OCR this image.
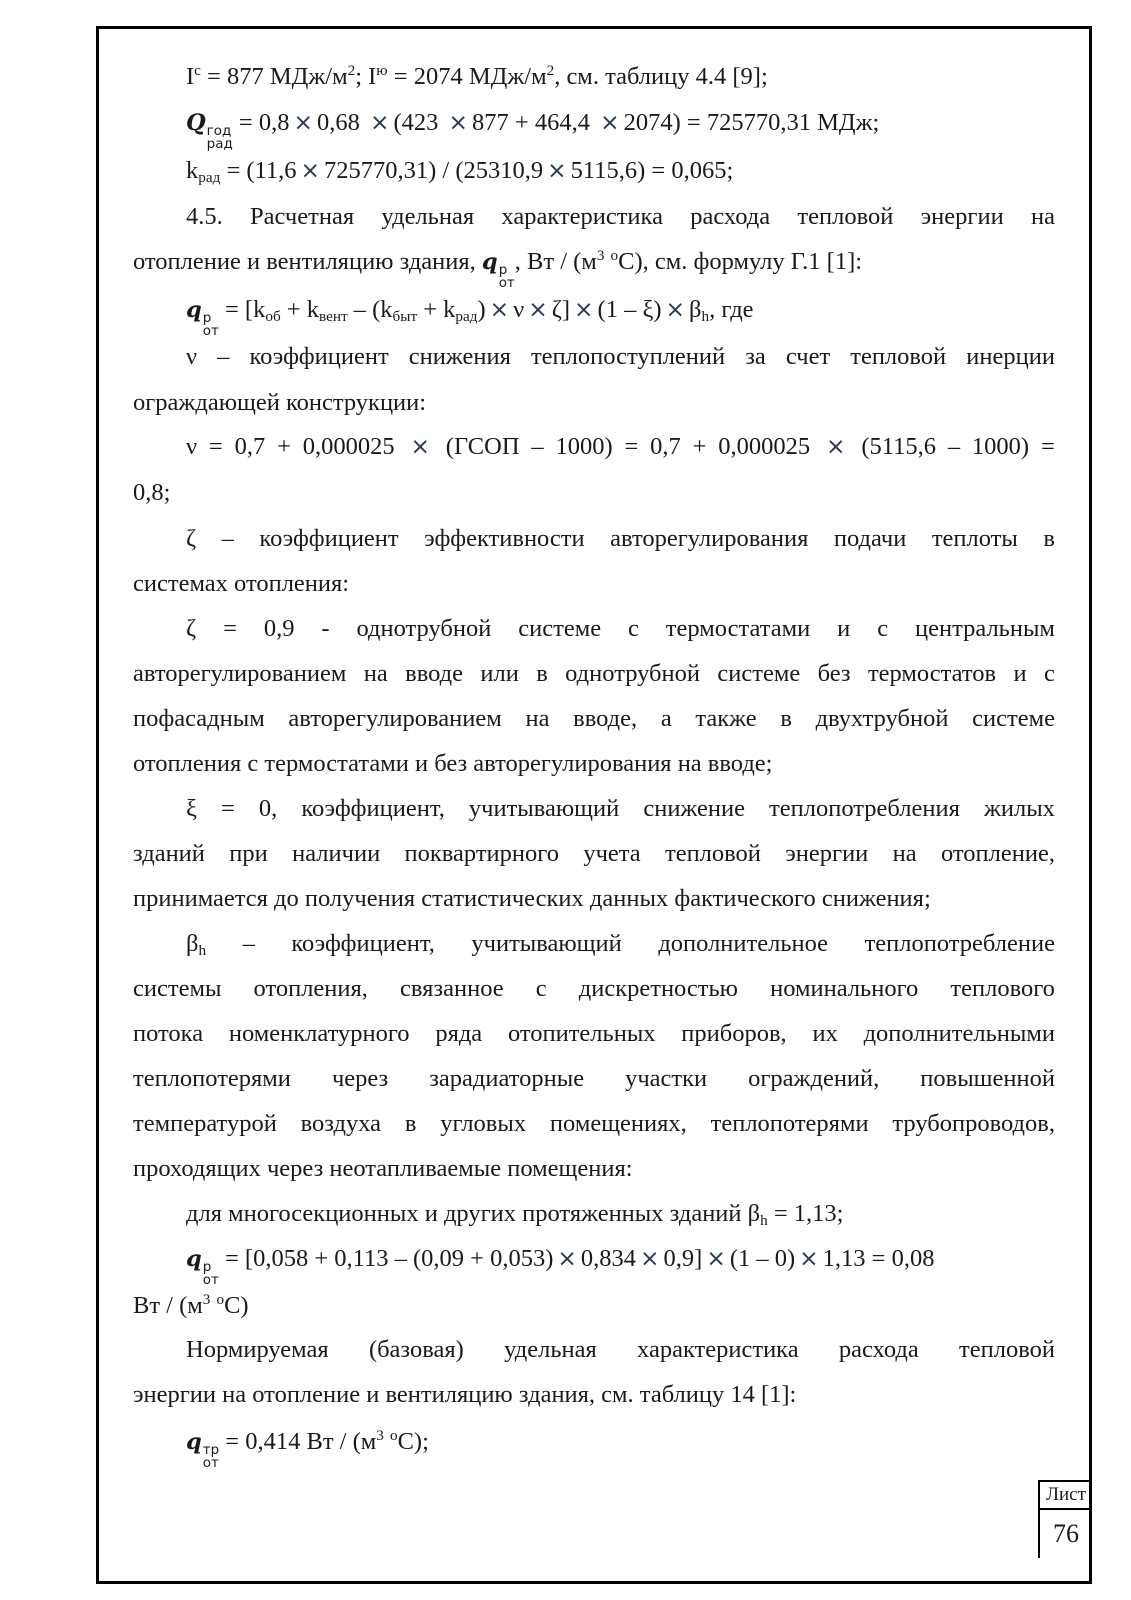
$I^c = 877$ МДж/$м^2$; $I^ю = 2074$ МДж/$м^2$, см. таблицу 4.4 [9];
Q год
рад
= 0,8 × 0,68 × (423 × 877 + 464,4 × 2074) = 725770,31 МДж;
$k_{рад} = (11,6 \times 725770,31) / (25310,9 \times 5115,6) = 0,065$;
4.5. Расчетная удельная характеристика расхода тепловой энергии на
отопление и вентиляцию здания, q р
от
, Вт / ($м^3$ $^о$С), см. формулу Г.1 [1]:
q р
от
= $[k_{об} + k_{вент} - (k_{быт} + k_{рад}) \times \nu \times \zeta] \times (1 - \xi) \times \beta_h$, где
ν – коэффициент снижения теплопоступлений за счет тепловой инерции
ограждающей конструкции:
ν = 0,7 + 0,000025 × (ГСОП – 1000) = 0,7 + 0,000025 × (5115,6 – 1000) =
0,8;
ζ – коэффициент эффективности авторегулирования подачи теплоты в
системах отопления:
ζ = 0,9 - однотрубной системе с термостатами и с центральным
авторегулированием на вводе или в однотрубной системе без термостатов и с
пофасадным авторегулированием на вводе, а также в двухтрубной системе
отопления с термостатами и без авторегулирования на вводе;
ξ = 0, коэффициент, учитывающий снижение теплопотребления жилых
зданий при наличии поквартирного учета тепловой энергии на отопление,
принимается до получения статистических данных фактического снижения;
$\beta_h$ – коэффициент, учитывающий дополнительное теплопотребление
системы отопления, связанное с дискретностью номинального теплового
потока номенклатурного ряда отопительных приборов, их дополнительными
теплопотерями через зарадиаторные участки ограждений, повышенной
температурой воздуха в угловых помещениях, теплопотерями трубопроводов,
проходящих через неотапливаемые помещения:
для многосекционных и других протяженных зданий $\beta_h = 1,13$;
q р
от
= [0,058 + 0,113 – (0,09 + 0,053) × 0,834 × 0,9] × (1 – 0) × 1,13 = 0,08
Вт / ($м^3$ $^о$С)
Нормируемая (базовая) удельная характеристика расхода тепловой
энергии на отопление и вентиляцию здания, см. таблицу 14 [1]:
q тр
от
= 0,414 Вт / ($м^3$ $^о$С);
Лист
76
